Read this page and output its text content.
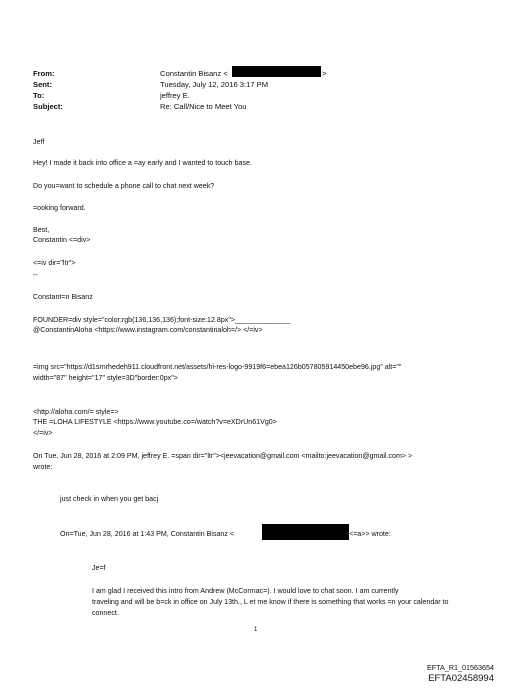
From:	Constantin Bisanz <	>
Sent:	Tuesday, July 12, 2016 3:17 PM
To:	jeffrey E.
Subject:	Re: Call/Nice to Meet You
Jeff
Hey! I made it back into office a =ay early and I wanted to touch base.
Do you=want to schedule a phone call to chat next week?
=ooking forward.
Best,
Constantin <=div>
<=iv dir="ltr">
--
Constant=n Bisanz
FOUNDER=div style="color:rgb(136,136,136);font-size:12.8px">______________
@ConstantinAloha <https://www.instagram.com/constantinaloh=/> </=iv>
=img src="https://d1srnrhedeh911.cloudfront.net/assets/hi-res-logo-9919f6=ebea126b057805914450ebe96.jpg" alt=""
width="87" height="17" style=3D"border:0px">
<http://aloha.com/= style=>
THE =LOHA LIFESTYLE <https://www.youtube.co=/watch?v=eXDrUn61Vg0>
</=iv>
On Tue, Jun 28, 2016 at 2:09 PM, jeffrey E. =span dir="ltr"><jeevacation@gmail.com <mailto:jeevacation@gmail.com> >
wrote:
just check in when you get bacj
On=Tue, Jun 28, 2016 at 1:43 PM, Constantin Bisanz <	<=a>> wrote:
Je=f
I am glad I received this intro from Andrew (McCormac=). I would love to chat soon. I am currently
traveling and will be b=ck in office on July 13th., L et me know if there is something that works =n your calendar to
connect.
1
EFTA_R1_01563654
EFTA02458994
